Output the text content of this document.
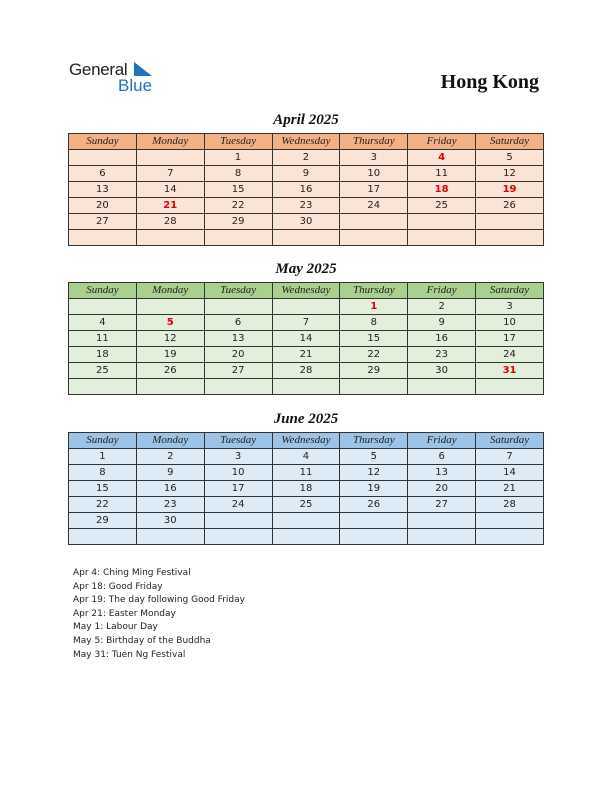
General
Blue	Hong Kong
April 2025
Sunday	Monday	Tuesday	Wednesday	Thursday	Friday	Saturday
		1	2	3	4	5
6	7	8	9	10	11	12
13	14	15	16	17	18	19
20	21	22	23	24	25	26
27	28	29	30			

May 2025
Sunday	Monday	Tuesday	Wednesday	Thursday	Friday	Saturday
				1	2	3
4	5	6	7	8	9	10
11	12	13	14	15	16	17
18	19	20	21	22	23	24
25	26	27	28	29	30	31

June 2025
Sunday	Monday	Tuesday	Wednesday	Thursday	Friday	Saturday
1	2	3	4	5	6	7
8	9	10	11	12	13	14
15	16	17	18	19	20	21
22	23	24	25	26	27	28
29	30					

Apr 4: Ching Ming Festival
Apr 18: Good Friday
Apr 19: The day following Good Friday
Apr 21: Easter Monday
May 1: Labour Day
May 5: Birthday of the Buddha
May 31: Tuen Ng Festival
